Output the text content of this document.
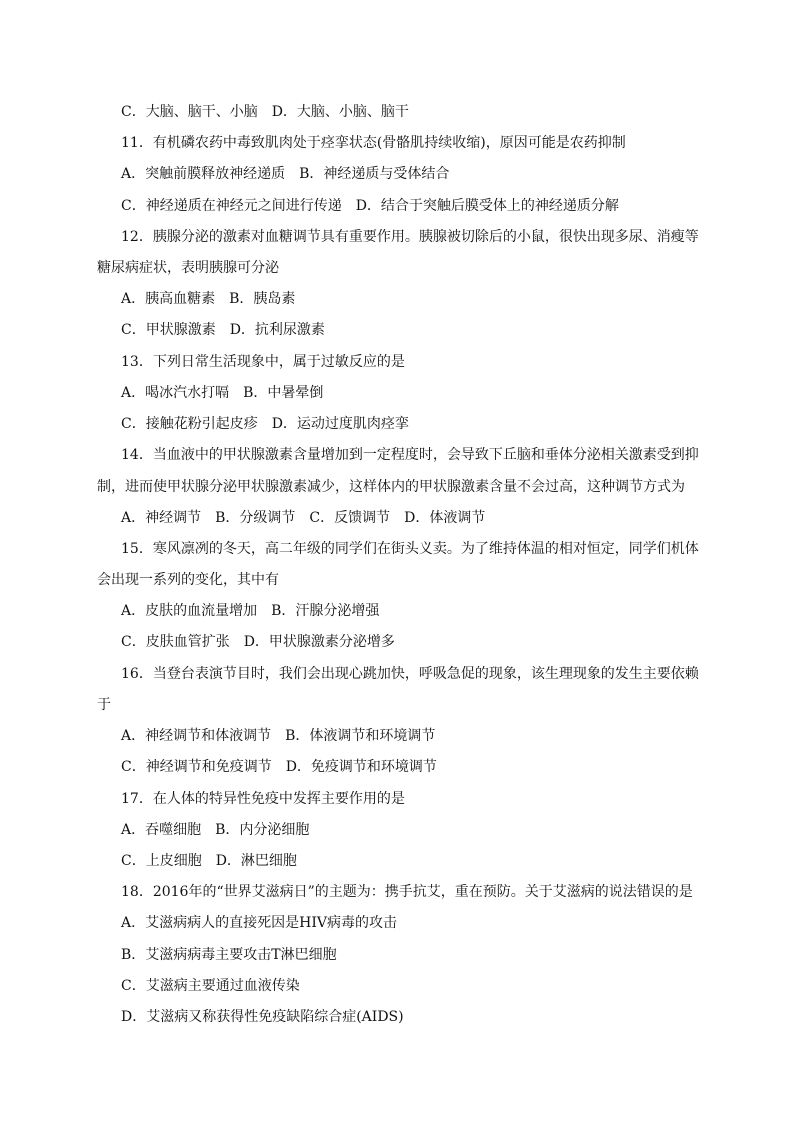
C．大脑、脑干、小脑　D．大脑、小脑、脑干
11．有机磷农药中毒致肌肉处于痉挛状态(骨骼肌持续收缩)，原因可能是农药抑制
A．突触前膜释放神经递质　B．神经递质与受体结合
C．神经递质在神经元之间进行传递　D．结合于突触后膜受体上的神经递质分解
12．胰腺分泌的激素对血糖调节具有重要作用。胰腺被切除后的小鼠，很快出现多尿、消瘦等
糖尿病症状，表明胰腺可分泌
A．胰高血糖素　B．胰岛素
C．甲状腺激素　D．抗利尿激素
13．下列日常生活现象中，属于过敏反应的是
A．喝冰汽水打嗝　B．中暑晕倒
C．接触花粉引起皮疹　D．运动过度肌肉痉挛
14．当血液中的甲状腺激素含量增加到一定程度时，会导致下丘脑和垂体分泌相关激素受到抑
制，进而使甲状腺分泌甲状腺激素减少，这样体内的甲状腺激素含量不会过高，这种调节方式为
A．神经调节　B．分级调节　C．反馈调节　D．体液调节
15．寒风凛冽的冬天，高二年级的同学们在街头义卖。为了维持体温的相对恒定，同学们机体
会出现一系列的变化，其中有
A．皮肤的血流量增加　B．汗腺分泌增强
C．皮肤血管扩张　D．甲状腺激素分泌增多
16．当登台表演节目时，我们会出现心跳加快，呼吸急促的现象，该生理现象的发生主要依赖
于
A．神经调节和体液调节　B．体液调节和环境调节
C．神经调节和免疫调节　D．免疫调节和环境调节
17．在人体的特异性免疫中发挥主要作用的是
A．吞噬细胞　B．内分泌细胞
C．上皮细胞　D．淋巴细胞
18．2016年的“世界艾滋病日”的主题为：携手抗艾，重在预防。关于艾滋病的说法错误的是
A．艾滋病病人的直接死因是HIV病毒的攻击
B．艾滋病病毒主要攻击T淋巴细胞
C．艾滋病主要通过血液传染
D．艾滋病又称获得性免疫缺陷综合症(AIDS)
